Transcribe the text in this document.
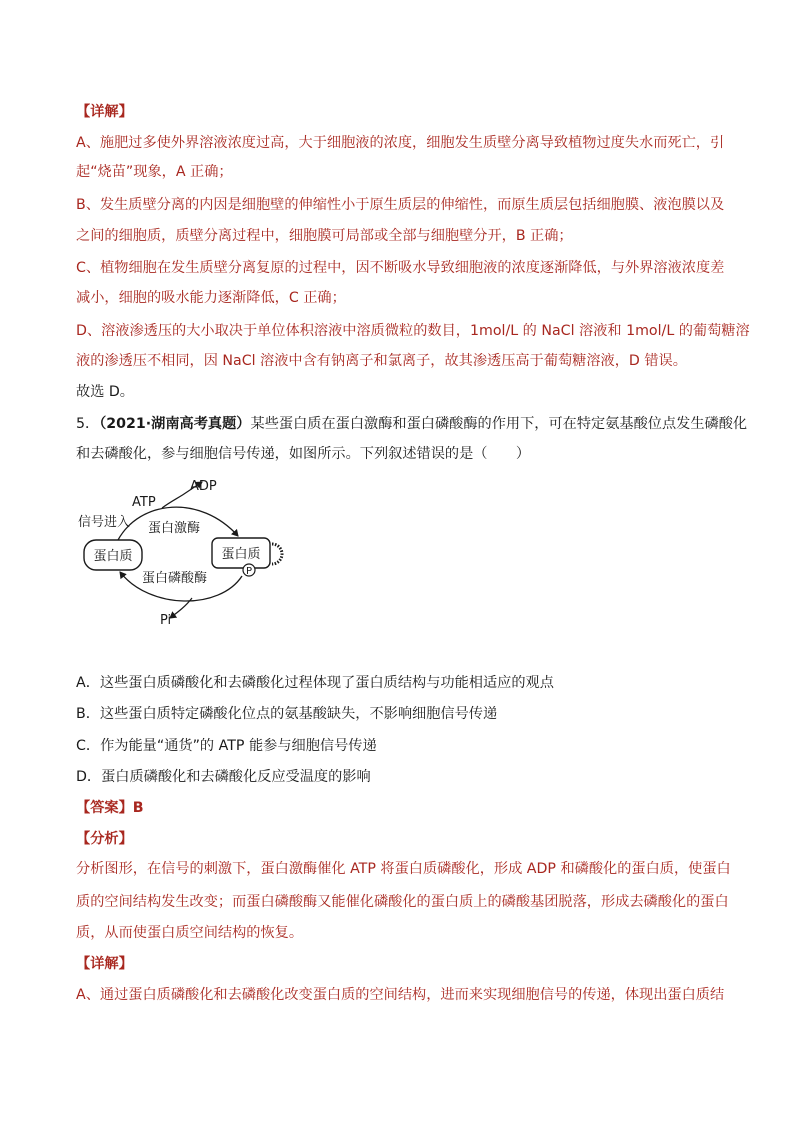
【详解】
A、施肥过多使外界溶液浓度过高，大于细胞液的浓度，细胞发生质壁分离导致植物过度失水而死亡，引
起“烧苗”现象，A 正确；
B、发生质壁分离的内因是细胞壁的伸缩性小于原生质层的伸缩性，而原生质层包括细胞膜、液泡膜以及
之间的细胞质，质壁分离过程中，细胞膜可局部或全部与细胞壁分开，B 正确；
C、植物细胞在发生质壁分离复原的过程中，因不断吸水导致细胞液的浓度逐渐降低，与外界溶液浓度差
减小，细胞的吸水能力逐渐降低，C 正确；
D、溶液渗透压的大小取决于单位体积溶液中溶质微粒的数目，1mol/L 的 NaCl 溶液和 1mol/L 的葡萄糖溶
液的渗透压不相同，因 NaCl 溶液中含有钠离子和氯离子，故其渗透压高于葡萄糖溶液，D 错误。
故选 D。
5．（2021·湖南高考真题）某些蛋白质在蛋白激酶和蛋白磷酸酶的作用下，可在特定氨基酸位点发生磷酸化
和去磷酸化，参与细胞信号传递，如图所示。下列叙述错误的是（　　）
蛋白质	蛋白质
P
ATP
ADP
信号进入 蛋白激酶
蛋白磷酸酶
Pi
A．这些蛋白质磷酸化和去磷酸化过程体现了蛋白质结构与功能相适应的观点
B．这些蛋白质特定磷酸化位点的氨基酸缺失，不影响细胞信号传递
C．作为能量“通货”的 ATP 能参与细胞信号传递
D．蛋白质磷酸化和去磷酸化反应受温度的影响
【答案】B
【分析】
分析图形，在信号的刺激下，蛋白激酶催化 ATP 将蛋白质磷酸化，形成 ADP 和磷酸化的蛋白质，使蛋白
质的空间结构发生改变；而蛋白磷酸酶又能催化磷酸化的蛋白质上的磷酸基团脱落，形成去磷酸化的蛋白
质，从而使蛋白质空间结构的恢复。
【详解】
A、通过蛋白质磷酸化和去磷酸化改变蛋白质的空间结构，进而来实现细胞信号的传递，体现出蛋白质结
